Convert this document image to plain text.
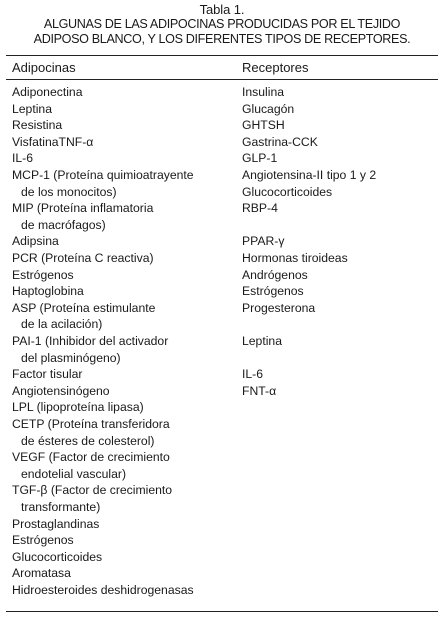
Tabla 1.
ALGUNAS DE LAS ADIPOCINAS PRODUCIDAS POR EL TEJIDO
ADIPOSO BLANCO, Y LOS DIFERENTES TIPOS DE RECEPTORES.
Adipocinas	Receptores
Adiponectina	Insulina
Leptina	Glucagón
Resistina	GHTSH
VisfatinaTNF-α	Gastrina-CCK
IL-6	GLP-1
MCP-1 (Proteína quimioatrayente	Angiotensina-II tipo 1 y 2
de los monocitos)	Glucocorticoides
MIP (Proteína inflamatoria	RBP-4
de macrófagos)
Adipsina	PPAR-γ
PCR (Proteína C reactiva)	Hormonas tiroideas
Estrógenos	Andrógenos
Haptoglobina	Estrógenos
ASP (Proteína estimulante	Progesterona
de la acilación)
PAI-1 (Inhibidor del activador	Leptina
del plasminógeno)
Factor tisular	IL-6
Angiotensinógeno	FNT-α
LPL (lipoproteína lipasa)
CETP (Proteína transferidora
de ésteres de colesterol)
VEGF (Factor de crecimiento
endotelial vascular)
TGF-β (Factor de crecimiento
transformante)
Prostaglandinas
Estrógenos
Glucocorticoides
Aromatasa
Hidroesteroides deshidrogenasas
